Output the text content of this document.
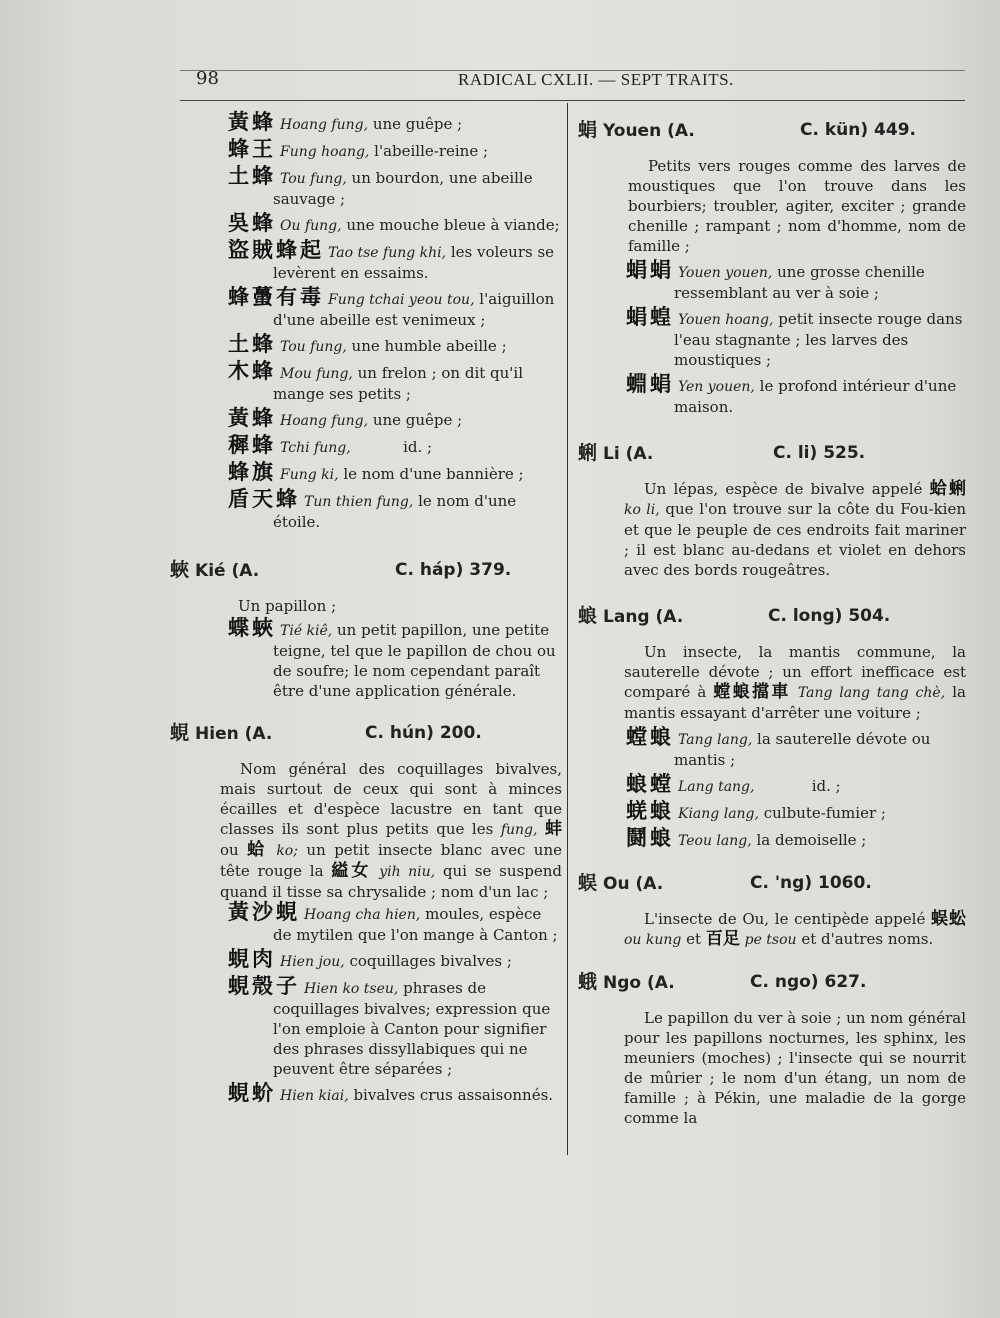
98	RADICAL CXLII. — SEPT TRAITS.

黃蜂 Hoang fung, une guêpe ;

蜂王 Fung hoang, l'abeille-reine ;

土蜂 Tou fung, un bourdon, une abeille sauvage ;

吳蜂 Ou fung, une mouche bleue à viande;

盜賊蜂起 Tao tse fung khi, les voleurs se levèrent en essaims.

蜂蠆有毒 Fung tchai yeou tou, l'aiguillon d'une abeille est venimeux ;

土蜂 Tou fung, une humble abeille ;

木蜂 Mou fung, un frelon ; on dit qu'il mange ses petits ;

黃蜂 Hoang fung, une guêpe ;

穉蜂 Tchi fung,           id. ;

蜂旗 Fung ki, le nom d'une bannière ;

盾天蜂 Tun thien fung, le nom d'une étoile.

蛺 Kié (A.	C. háp) 379.

Un papillon ;

蝶蛺 Tié kiê, un petit papillon, une petite teigne, tel que le papillon de chou ou de soufre; le nom cependant paraît être d'une application générale.

蜆 Hien (A.	C. hún) 200.

Nom général des coquillages bivalves, mais surtout de ceux qui sont à minces écailles et d'espèce lacustre en tant que classes ils sont plus petits que les fung, 蚌 ou 蛤 ko; un petit insecte blanc avec une tête rouge la 縊女 yih niu, qui se suspend quand il tisse sa chrysalide ; nom d'un lac ;

黃沙蜆 Hoang cha hien, moules, espèce de mytilen que l'on mange à Canton ;

蜆肉 Hien jou, coquillages bivalves ;

蜆殼子 Hien ko tseu, phrases de coquillages bivalves; expression que l'on emploie à Canton pour signifier des phrases dissyllabiques qui ne peuvent être séparées ;

蜆蚧 Hien kiai, bivalves crus assaisonnés.

蜎 Youen (A.	C. kün) 449.

Petits vers rouges comme des larves de moustiques que l'on trouve dans les bourbiers; troubler, agiter, exciter ; grande chenille ; rampant ; nom d'homme, nom de famille ;

蜎蜎 Youen youen, une grosse chenille ressemblant au ver à soie ;

蜎蝗 Youen hoang, petit insecte rouge dans l'eau stagnante ; les larves des moustiques ;

蜵蜎 Yen youen, le profond intérieur d'une maison.

蜊 Li (A.	C. li) 525.

Un lépas, espèce de bivalve appelé 蛤蜊 ko li, que l'on trouve sur la côte du Fou-kien et que le peuple de ces endroits fait mariner ; il est blanc au-dedans et violet en dehors avec des bords rougeâtres.

蜋 Lang (A.	C. long) 504.

Un insecte, la mantis commune, la sauterelle dévote ; un effort inefficace est comparé à 螳蜋擋車 Tang lang tang chè, la mantis essayant d'arrêter une voiture ;

螳蜋 Tang lang, la sauterelle dévote ou mantis ;

蜋螳 Lang tang,            id. ;

蜣蜋 Kiang lang, culbute-fumier ;

鬪蜋 Teou lang, la demoiselle ;

蜈 Ou (A.	C. 'ng) 1060.

L'insecte de Ou, le centipède appelé 蜈蚣 ou kung et 百足 pe tsou et d'autres noms.

蛾 Ngo (A.	C. ngo) 627.

Le papillon du ver à soie ; un nom général pour les papillons nocturnes, les sphinx, les meuniers (moches) ; l'insecte qui se nourrit de mûrier ; le nom d'un étang, un nom de famille ; à Pékin, une maladie de la gorge comme la
